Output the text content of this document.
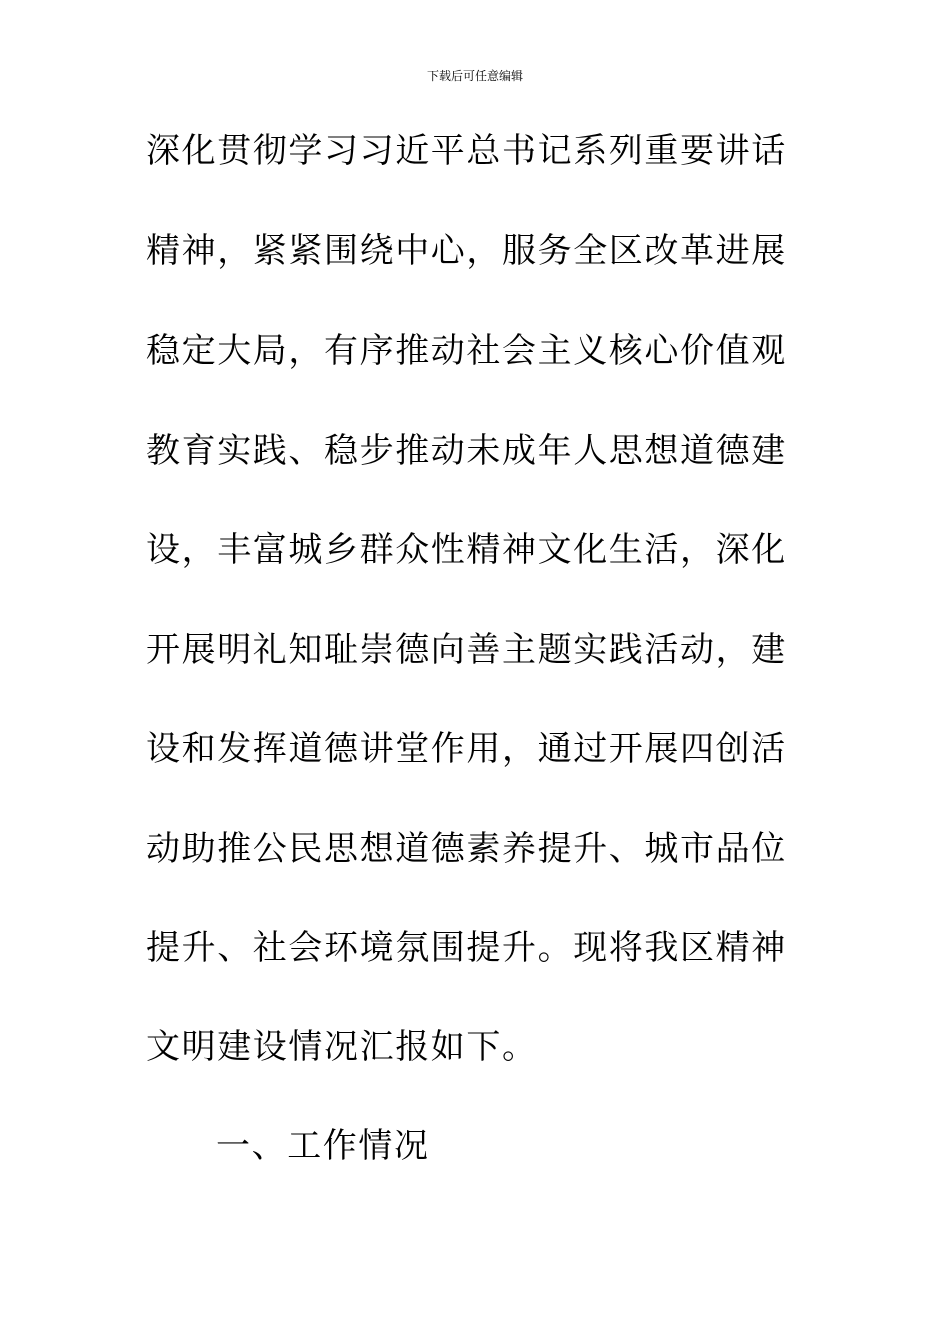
下载后可任意编辑
深化贯彻学习习近平总书记系列重要讲话
精神，紧紧围绕中心，服务全区改革进展
稳定大局，有序推动社会主义核心价值观
教育实践、稳步推动未成年人思想道德建
设，丰富城乡群众性精神文化生活，深化
开展明礼知耻崇德向善主题实践活动，建
设和发挥道德讲堂作用，通过开展四创活
动助推公民思想道德素养提升、城市品位
提升、社会环境氛围提升。现将我区精神
文明建设情况汇报如下。
一、工作情况
